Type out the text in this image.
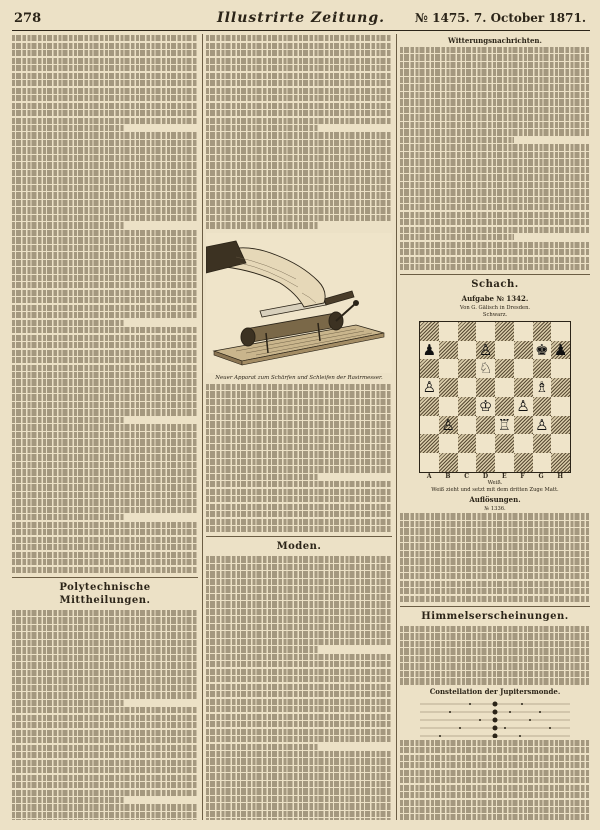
278	Illustrirte Zeitung.	№ 1475. 7. October 1871.
Polytechnische Mittheilungen.
Neuer Apparat zum Schärfen und Schleifen der Rasirmesser.
Moden.
Witterungsnachrichten.
Schach.
Aufgabe № 1342.
Von G. Gälisch in Dresden.
Schwarz.
♟	♙	♚ ♟
♘
♙	♗
♔ ♙
♙	♖ ♙
A B C D E F G H
Weiß.
Weiß zieht und setzt mit dem dritten Zuge Matt.
Auflösungen.
№ 1336.
Himmelserscheinungen.
Constellation der Jupitersmonde.
